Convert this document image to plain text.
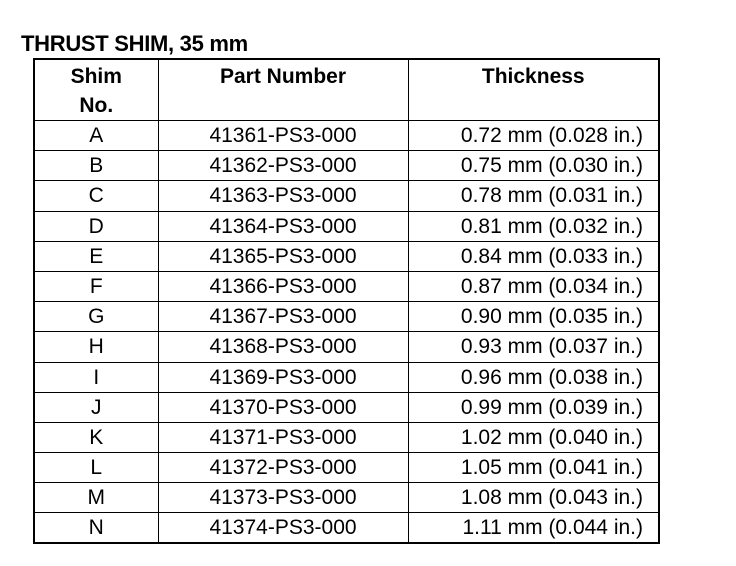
THRUST SHIM, 35 mm
Shim
No.	Part Number	Thickness
A	41361-PS3-000	0.72 mm (0.028 in.)
B	41362-PS3-000	0.75 mm (0.030 in.)
C	41363-PS3-000	0.78 mm (0.031 in.)
D	41364-PS3-000	0.81 mm (0.032 in.)
E	41365-PS3-000	0.84 mm (0.033 in.)
F	41366-PS3-000	0.87 mm (0.034 in.)
G	41367-PS3-000	0.90 mm (0.035 in.)
H	41368-PS3-000	0.93 mm (0.037 in.)
I	41369-PS3-000	0.96 mm (0.038 in.)
J	41370-PS3-000	0.99 mm (0.039 in.)
K	41371-PS3-000	1.02 mm (0.040 in.)
L	41372-PS3-000	1.05 mm (0.041 in.)
M	41373-PS3-000	1.08 mm (0.043 in.)
N	41374-PS3-000	1.11 mm (0.044 in.)
